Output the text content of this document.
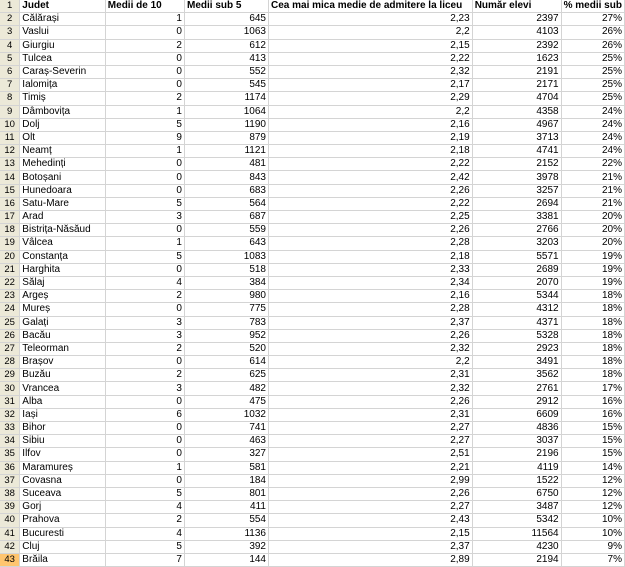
1	Judet	Medii de 10	Medii sub 5	Cea mai mica medie de admitere la liceu	Număr elevi	% medii sub
2	Călărași	1	645	2,23	2397	27%
3	Vaslui	0	1063	2,2	4103	26%
4	Giurgiu	2	612	2,15	2392	26%
5	Tulcea	0	413	2,22	1623	25%
6	Caraș-Severin	0	552	2,32	2191	25%
7	Ialomița	0	545	2,17	2171	25%
8	Timiș	2	1174	2,29	4704	25%
9	Dâmbovița	1	1064	2,2	4358	24%
10	Dolj	5	1190	2,16	4967	24%
11	Olt	9	879	2,19	3713	24%
12	Neamț	1	1121	2,18	4741	24%
13	Mehedinți	0	481	2,22	2152	22%
14	Botoșani	0	843	2,42	3978	21%
15	Hunedoara	0	683	2,26	3257	21%
16	Satu-Mare	5	564	2,22	2694	21%
17	Arad	3	687	2,25	3381	20%
18	Bistrița-Năsăud	0	559	2,26	2766	20%
19	Vâlcea	1	643	2,28	3203	20%
20	Constanța	5	1083	2,18	5571	19%
21	Harghita	0	518	2,33	2689	19%
22	Sălaj	4	384	2,34	2070	19%
23	Argeș	2	980	2,16	5344	18%
24	Mureș	0	775	2,28	4312	18%
25	Galați	3	783	2,37	4371	18%
26	Bacău	3	952	2,26	5328	18%
27	Teleorman	2	520	2,32	2923	18%
28	Brașov	0	614	2,2	3491	18%
29	Buzău	2	625	2,31	3562	18%
30	Vrancea	3	482	2,32	2761	17%
31	Alba	0	475	2,26	2912	16%
32	Iași	6	1032	2,31	6609	16%
33	Bihor	0	741	2,27	4836	15%
34	Sibiu	0	463	2,27	3037	15%
35	Ilfov	0	327	2,51	2196	15%
36	Maramureș	1	581	2,21	4119	14%
37	Covasna	0	184	2,99	1522	12%
38	Suceava	5	801	2,26	6750	12%
39	Gorj	4	411	2,27	3487	12%
40	Prahova	2	554	2,43	5342	10%
41	Bucuresti	4	1136	2,15	11564	10%
42	Cluj	5	392	2,37	4230	9%
43	Brăila	7	144	2,89	2194	7%
